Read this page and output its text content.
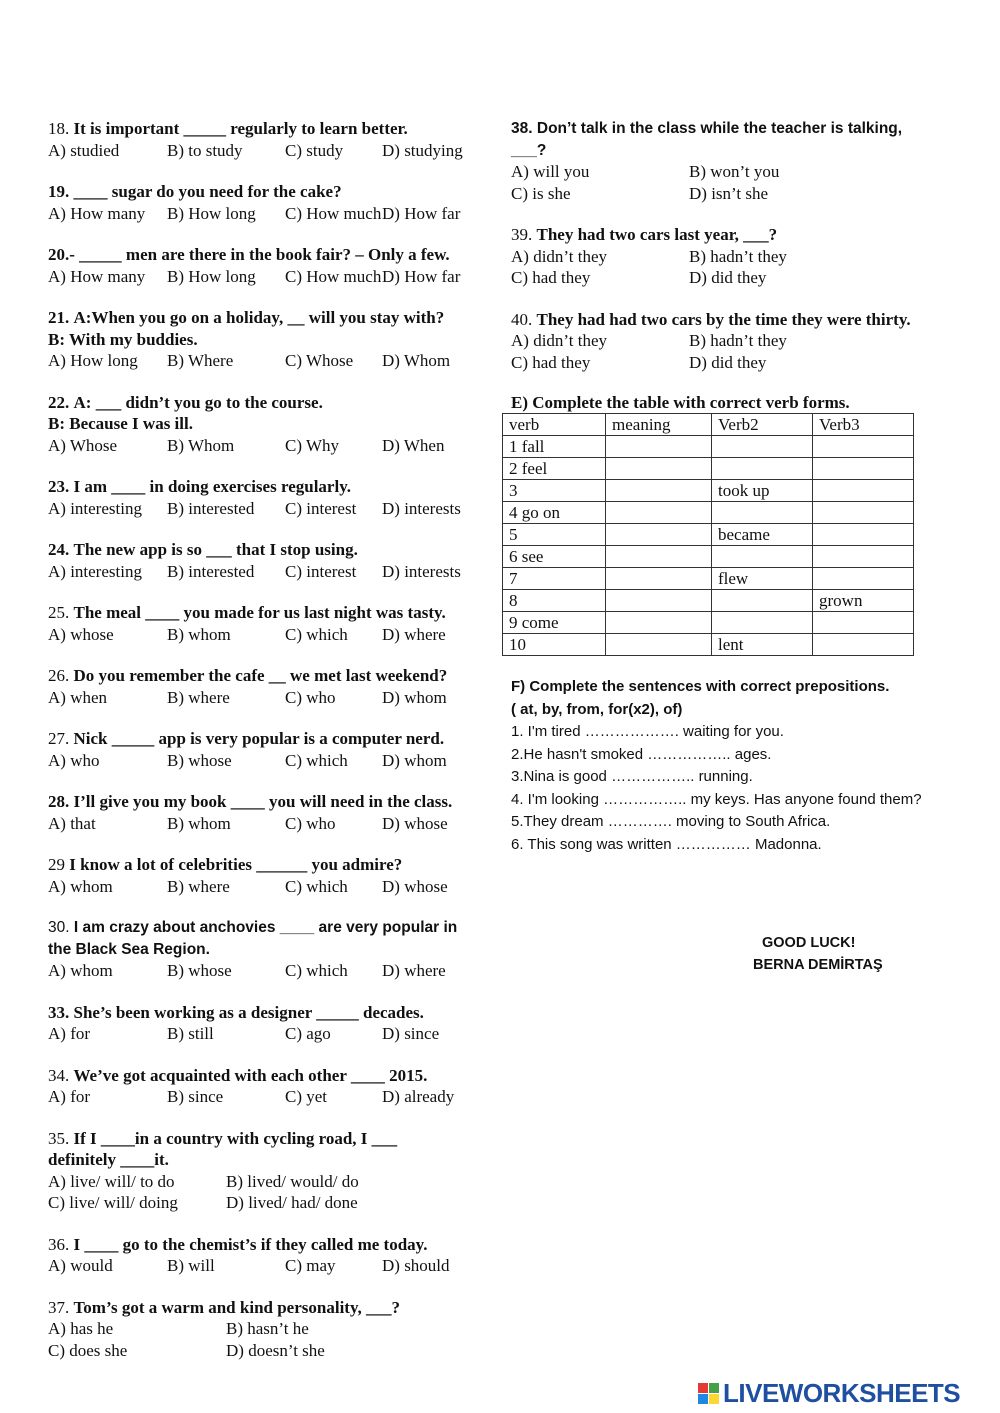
18. It is important _____ regularly to learn better.
A) studied	B) to study	C) study	D) studying
19. ____ sugar do you need for the cake?
A) How many	B) How long	C) How much D) How far
20.- _____ men are there in the book fair? – Only a few.
A) How many	B) How long	C) How much D) How far
21. A:When you go on a holiday, __ will you stay with?
B: With my buddies.
A) How long	B) Where	C) Whose	D) Whom
22. A: ___ didn’t you go to the course.
B: Because I was ill.
A) Whose	B) Whom	C) Why	D) When
23. I am ____ in doing exercises regularly.
A) interesting	B) interested	C) interest	D) interests
24. The new app is so ___ that I stop using.
A) interesting	B) interested	C) interest	D) interests
25. The meal ____ you made for us last night was tasty.
A) whose	B) whom	C) which	D) where
26. Do you remember the cafe __ we met last weekend?
A) when	B) where	C) who	D) whom
27. Nick _____ app is very popular is a computer nerd.
A) who	B) whose	C) which	D) whom
28. I’ll give you my book ____ you will need in the class.
A) that	B) whom	C) who	D) whose
29 I know a lot of celebrities ______ you admire?
A) whom	B) where	C) which	D) whose
30. I am crazy about anchovies ____ are very popular in
the Black Sea Region.
A) whom	B) whose	C) which	D) where
33. She’s been working as a designer _____ decades.
A) for	B) still	C) ago	D) since
34. We’ve got acquainted with each other ____ 2015.
A) for	B) since	C) yet	D) already
35. If I ____in a country with cycling road, I ___
definitely ____it.
A) live/ will/ to do	B) lived/ would/ do
C) live/ will/ doing	D) lived/ had/ done
36. I ____ go to the chemist’s if they called me today.
A) would	B) will	C) may	D) should
37. Tom’s got a warm and kind personality, ___?
A) has he	B) hasn’t he
C) does she	D) doesn’t she
38. Don’t talk in the class while the teacher is talking,
___?
A) will you	B) won’t you
C) is she	D) isn’t she
39. They had two cars last year, ___?
A) didn’t they	B) hadn’t they
C) had they	D) did they
40. They had had two cars by the time they were thirty.
A) didn’t they	B) hadn’t they
C) had they	D) did they
E) Complete the table with correct verb forms.
verb	meaning	Verb2	Verb3
1 fall			
2 feel			
3		took up	
4 go on			
5		became	
6 see			
7		flew	
8			grown
9 come			
10		lent	
F) Complete the sentences with correct prepositions.
( at, by, from, for(x2), of)
1. I'm tired ………………. waiting for you.
2.He hasn't smoked …………….. ages.
3.Nina is good …………….. running.
4. I'm looking …………….. my keys. Has anyone found them?
5.They dream …………. moving to South Africa.
6. This song was written …………… Madonna.
GOOD LUCK!
BERNA DEMİRTAŞ
LIVEWORKSHEETS
